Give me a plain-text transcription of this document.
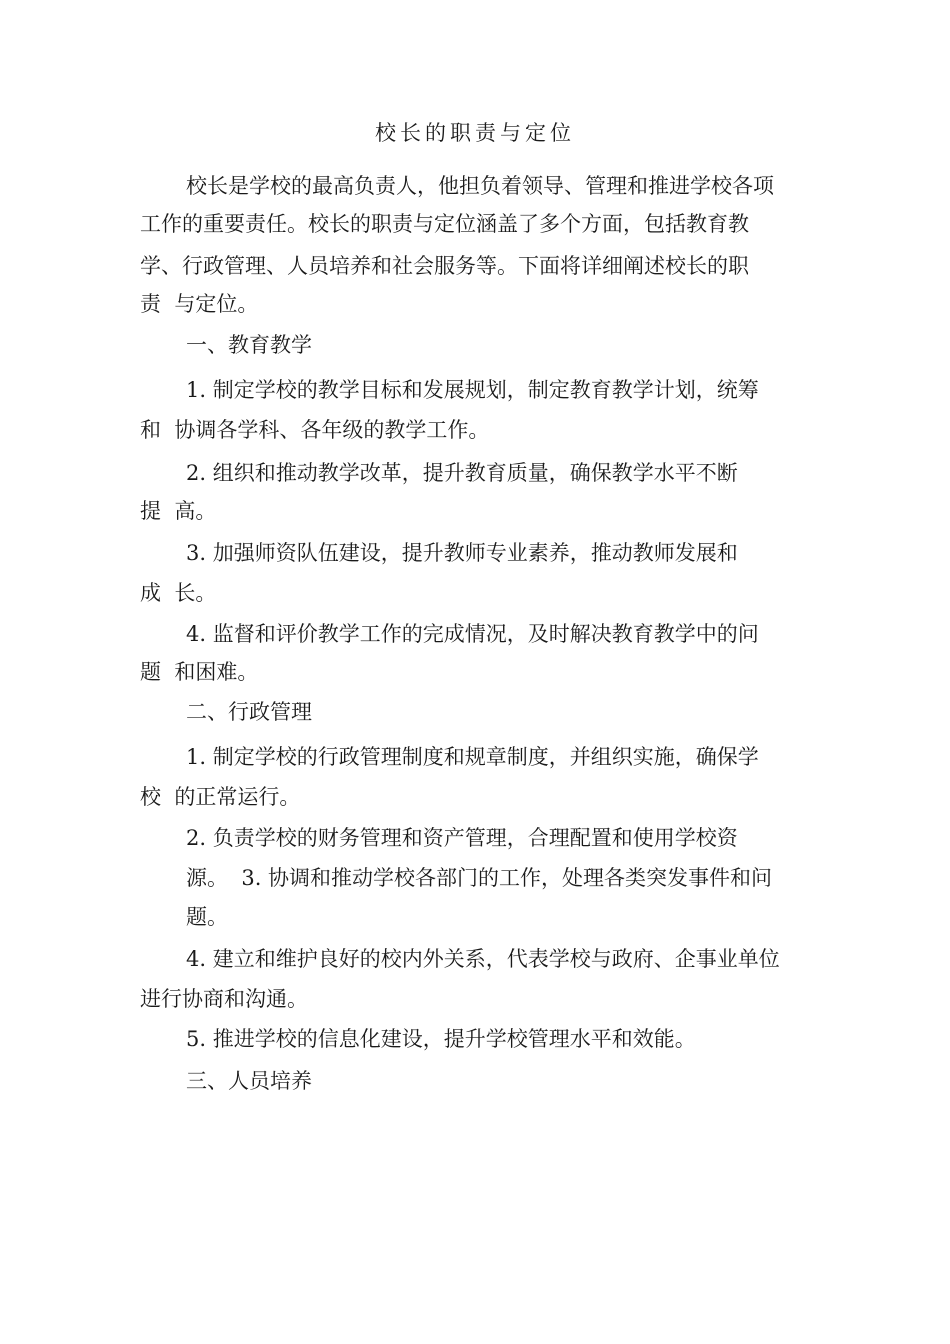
校长的职责与定位
校长是学校的最高负责人，他担负着领导、管理和推进学校各项
工作的重要责任。校长的职责与定位涵盖了多个方面，包括教育教
学、行政管理、人员培养和社会服务等。下面将详细阐述校长的职
责  与定位。
一、教育教学
1. 制定学校的教学目标和发展规划，制定教育教学计划，统筹
和  协调各学科、各年级的教学工作。
2. 组织和推动教学改革，提升教育质量，确保教学水平不断
提  高。
3. 加强师资队伍建设，提升教师专业素养，推动教师发展和
成  长。
4. 监督和评价教学工作的完成情况，及时解决教育教学中的问
题  和困难。
二、行政管理
1. 制定学校的行政管理制度和规章制度，并组织实施，确保学
校  的正常运行。
2. 负责学校的财务管理和资产管理，合理配置和使用学校资
源。  3. 协调和推动学校各部门的工作，处理各类突发事件和问
题。
4. 建立和维护良好的校内外关系，代表学校与政府、企事业单位
进行协商和沟通。
5. 推进学校的信息化建设，提升学校管理水平和效能。
三、人员培养
